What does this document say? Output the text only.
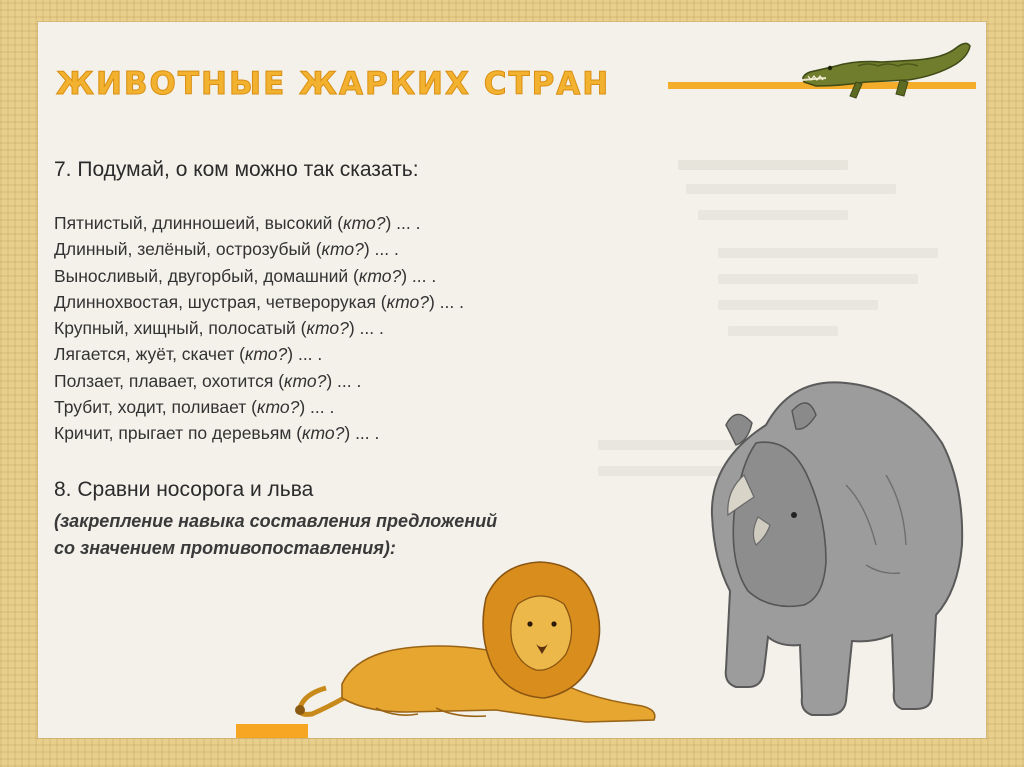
ЖИВОТНЫЕ ЖАРКИХ СТРАН

7. Подумай, о ком можно так сказать:

Пятнистый, длинношеий, высокий (кто?) ... .
Длинный, зелёный, острозубый (кто?) ... .
Выносливый, двугорбый, домашний (кто?) ... .
Длиннохвостая, шустрая, четверорукая (кто?) ... .
Крупный, хищный, полосатый (кто?) ... .
Лягается, жуёт, скачет (кто?) ... .
Ползает, плавает, охотится (кто?) ... .
Трубит, ходит, поливает (кто?) ... .
Кричит, прыгает по деревьям (кто?) ... .

8. Сравни носорога и льва

(закрепление навыка составления предложений
со значением противопоставления):
